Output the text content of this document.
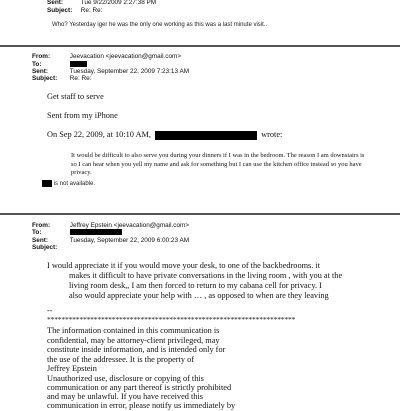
Sent:	Tue 9/22/2009 2:27:38 PM
Subject: Re: Re:
Who? Yesterday iger he was the only one working as this was a last minute visit..
From:	Jeevacation <jeevacation@gmail.com>
To:
Sent:	Tuesday, September 22, 2009 7:23:13 AM
Subject: Re: Re:
Get staff to serve
Sent from my iPhone
On Sep 22, 2009, at 10:10 AM,	wrote:
It would be difficult to also serve you during your dinners if I was in the bedroom. The reason I am downstairs is so I can hear when you yell my name and ask for something but I can use the kitchen office instead so you have privacy.
is not available.
From:	Jeffrey Epstein <jeevacation@gmail.com>
To:
Sent:	Tuesday, September 22, 2009 6:00:23 AM
Subject:
I would appreciate it if you would move your desk, to one of the backbedrooms. it
makes it difficult to have private conversations in the living room , with you at the
living room desk,, I am then forced to return to my cabana cell for privacy. I
also would appreciate your help with … , as opposed to when are they leaving
--
*********************************************************************
The information contained in this communication is
confidential, may be attorney-client privileged, may
constitute inside information, and is intended only for
the use of the addressee. It is the property of
Jeffrey Epstein
Unauthorized use, disclosure or copying of this
communication or any part thereof is strictly prohibited
and may be unlawful. If you have received this
communication in error, please notify us immediately by
